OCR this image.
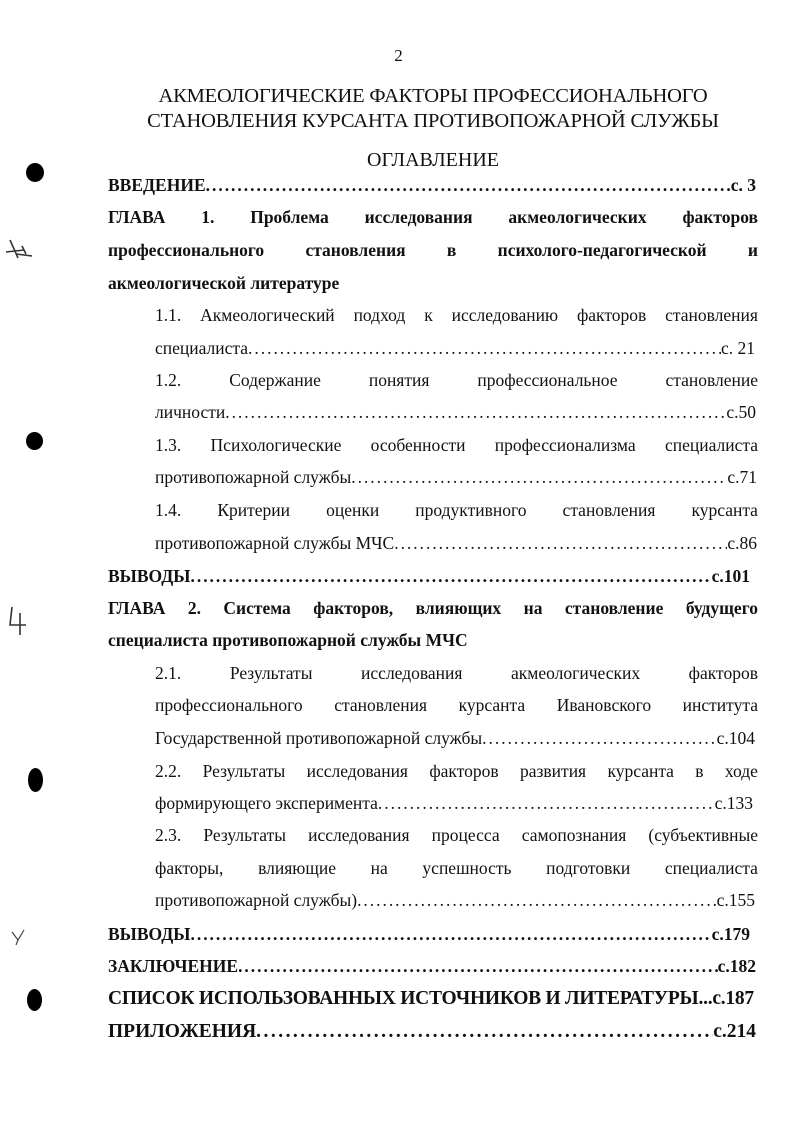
2
АКМЕОЛОГИЧЕСКИЕ ФАКТОРЫ ПРОФЕССИОНАЛЬНОГО
СТАНОВЛЕНИЯ КУРСАНТА ПРОТИВОПОЖАРНОЙ СЛУЖБЫ
ОГЛАВЛЕНИЕ
ВВЕДЕНИЕ . . .	с. 3
ГЛАВА 1. Проблема исследования акмеологических факторов
профессионального становления в психолого-педагогической и
акмеологической литературе
1.1. Акмеологический подход к исследованию факторов становления
специалиста . . .	с. 21
1.2.	Содержание	понятия	профессиональное	становление
личности . . .	с.50
1.3. Психологические особенности профессионализма специалиста
противопожарной службы . . .	с.71
1.4. Критерии оценки продуктивного становления курсанта
противопожарной службы МЧС . . .	с.86
ВЫВОДЫ . . .	с.101
ГЛАВА 2. Система факторов, влияющих на становление будущего
специалиста противопожарной службы МЧС
2.1.	Результаты	исследования	акмеологических	факторов
профессионального становления курсанта Ивановского института
Государственной противопожарной службы . . .	с.104
2.2. Результаты исследования факторов развития курсанта в ходе
формирующего эксперимента . . .	с.133
2.3. Результаты исследования процесса самопознания (субъективные
факторы, влияющие на успешность подготовки специалиста
противопожарной службы) . . .	с.155
ВЫВОДЫ . . .	с.179
ЗАКЛЮЧЕНИЕ . . .	с.182
СПИСОК ИСПОЛЬЗОВАННЫХ ИСТОЧНИКОВ И ЛИТЕРАТУРЫ...с.187
ПРИЛОЖЕНИЯ . . .	с.214
